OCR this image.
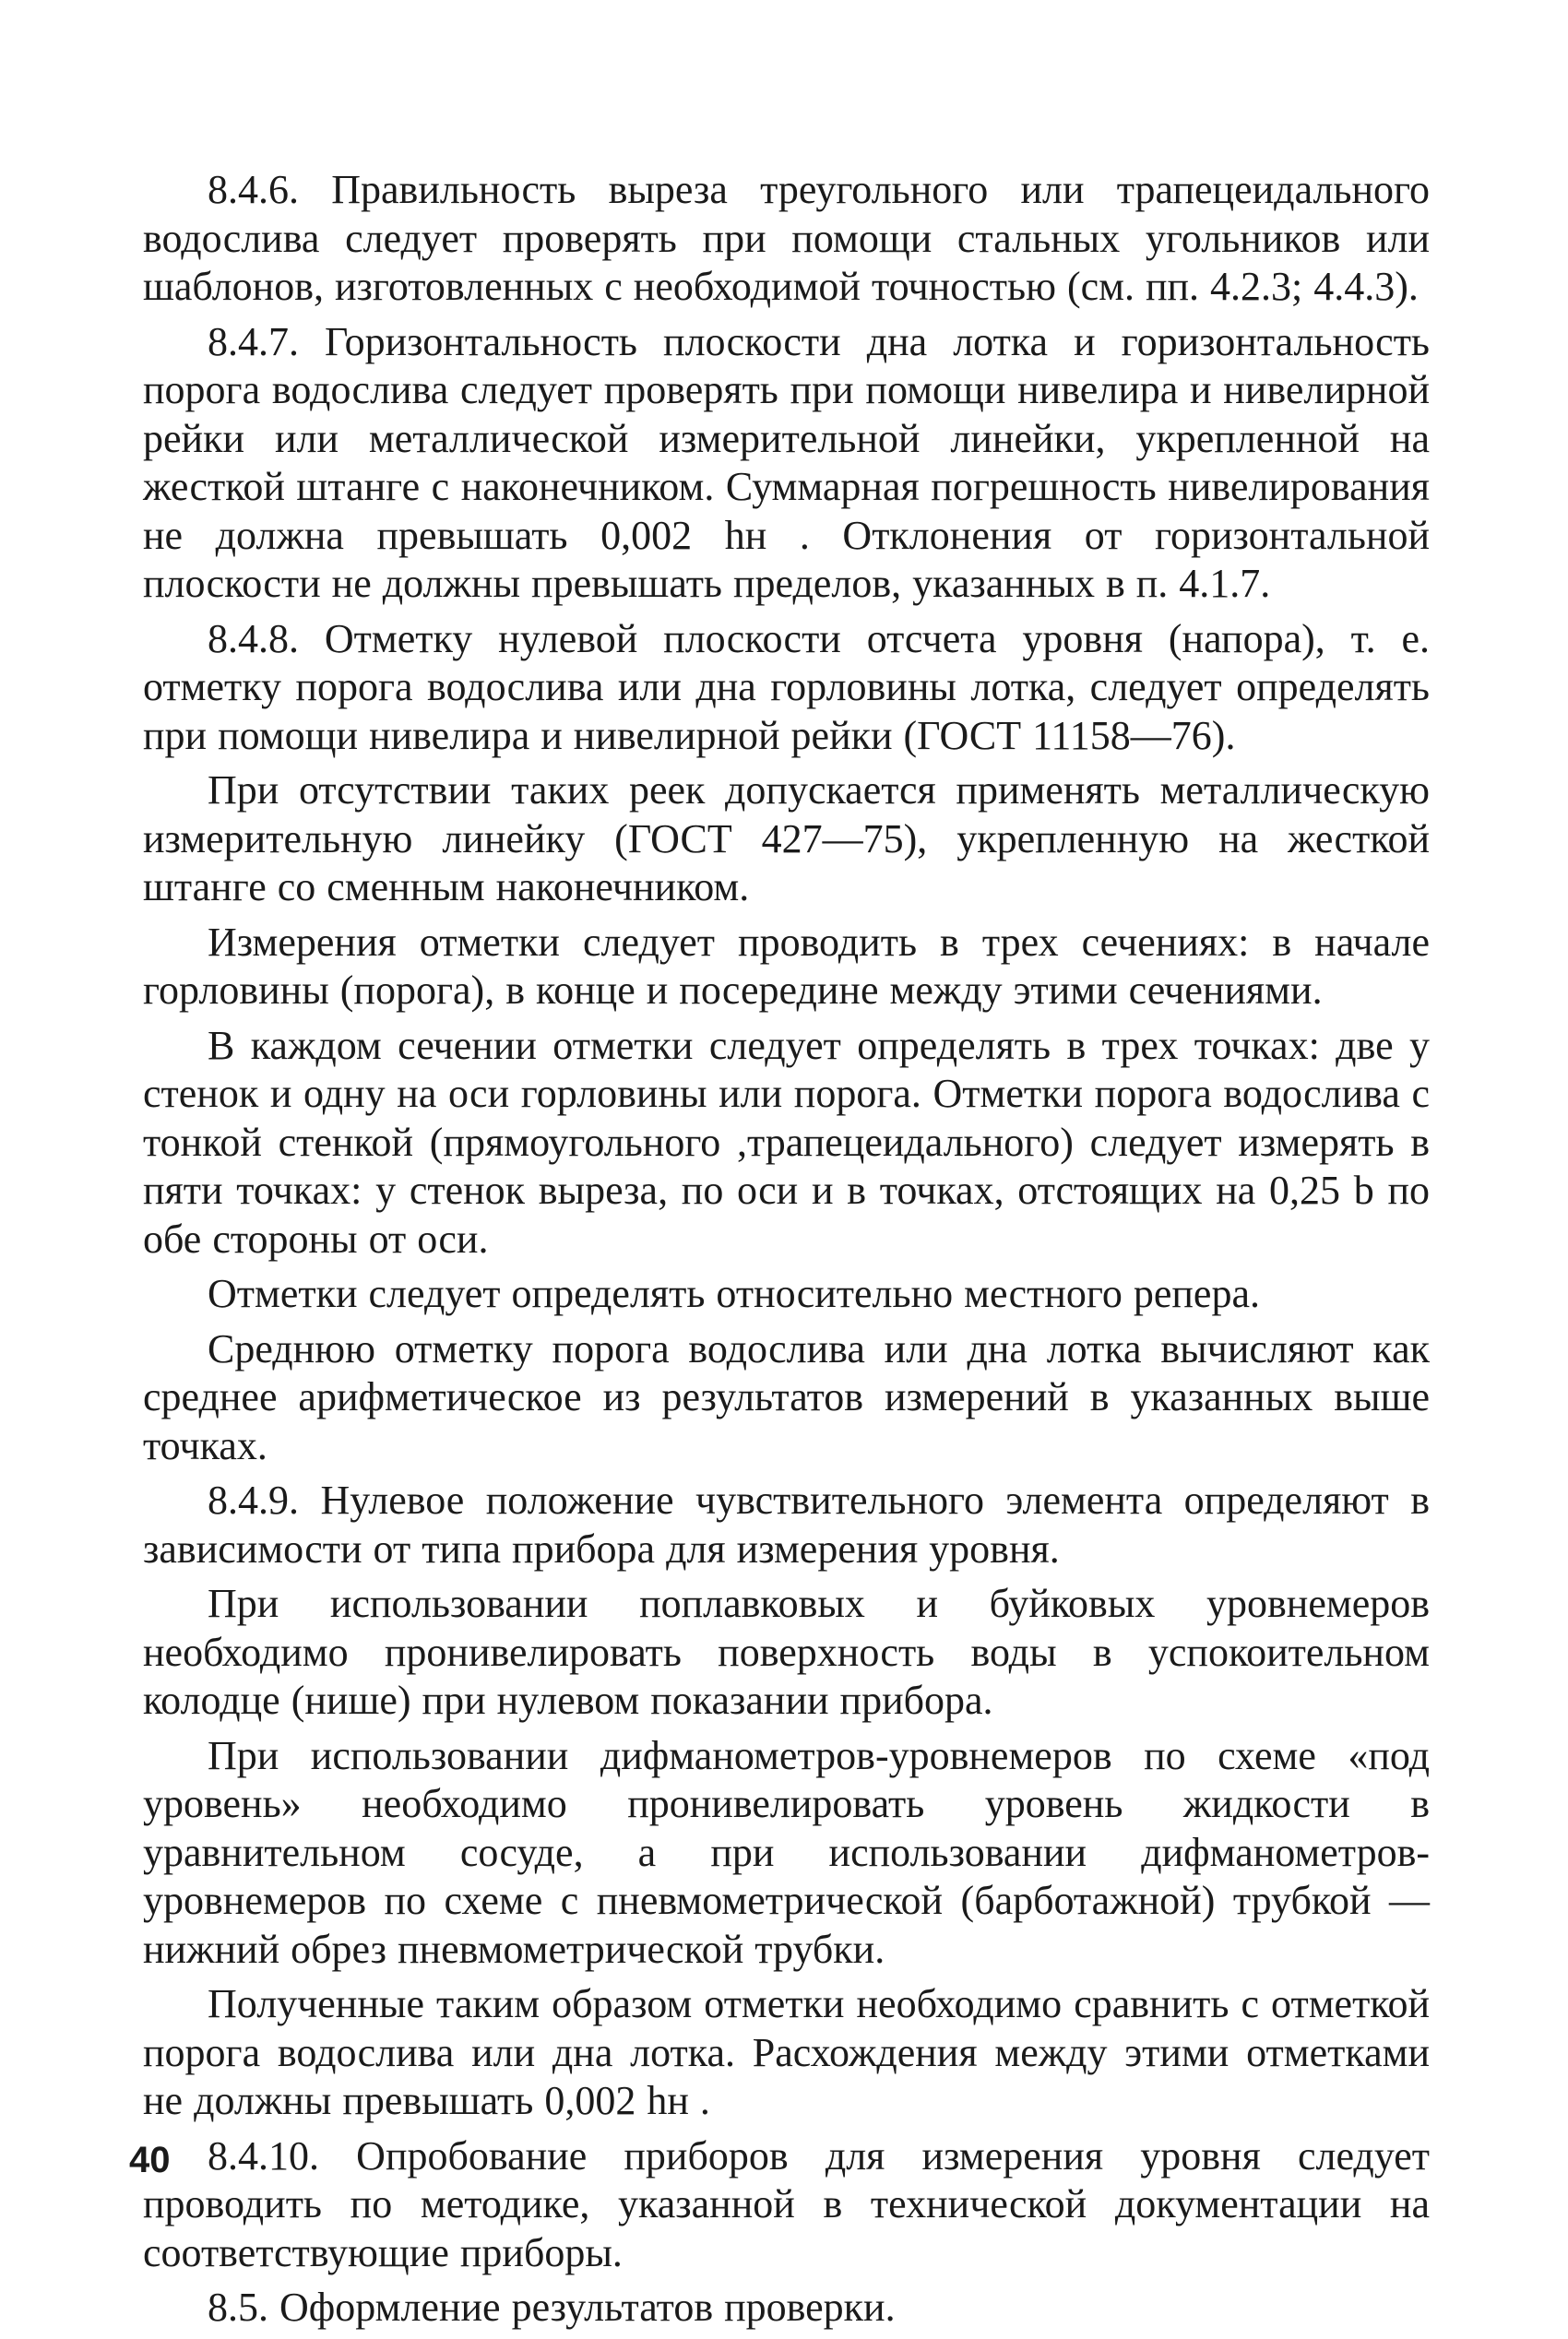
8.4.6. Правильность выреза треугольного или трапецеидального водослива следует проверять при помощи стальных угольников или шаблонов, изготовленных с необходимой точностью (см. пп. 4.2.3; 4.4.3).

8.4.7. Горизонтальность плоскости дна лотка и горизонтальность порога водослива следует проверять при помощи нивелира и нивелирной рейки или металлической измерительной линейки, укрепленной на жесткой штанге с наконечником. Суммарная погрешность нивелирования не должна превышать 0,002 hн . Отклонения от горизонтальной плоскости не должны превышать пределов, указанных в п. 4.1.7.

8.4.8. Отметку нулевой плоскости отсчета уровня (напора), т. е. отметку порога водослива или дна горловины лотка, следует определять при помощи нивелира и нивелирной рейки (ГОСТ 11158—76).

При отсутствии таких реек допускается применять металлическую измерительную линейку (ГОСТ 427—75), укрепленную на жесткой штанге со сменным наконечником.

Измерения отметки следует проводить в трех сечениях: в начале горловины (порога), в конце и посередине между этими сечениями.

В каждом сечении отметки следует определять в трех точках: две у стенок и одну на оси горловины или порога. Отметки порога водослива с тонкой стенкой (прямоугольного ,трапецеидального) следует измерять в пяти точках: у стенок выреза, по оси и в точках, отстоящих на 0,25 b по обе стороны от оси.

Отметки следует определять относительно местного репера.

Среднюю отметку порога водослива или дна лотка вычисляют как среднее арифметическое из результатов измерений в указанных выше точках.

8.4.9. Нулевое положение чувствительного элемента определяют в зависимости от типа прибора для измерения уровня.

При использовании поплавковых и буйковых уровнемеров необходимо пронивелировать поверхность воды в успокоительном колодце (нише) при нулевом показании прибора.

При использовании дифманометров-уровнемеров по схеме «под уровень» необходимо пронивелировать уровень жидкости в уравнительном сосуде, а при использовании дифманометров-уровнемеров по схеме с пневмометрической (барботажной) трубкой — нижний обрез пневмометрической трубки.

Полученные таким образом отметки необходимо сравнить с отметкой порога водослива или дна лотка. Расхождения между этими отметками не должны превышать 0,002 hн .

8.4.10. Опробование приборов для измерения уровня следует проводить по методике, указанной в технической документации на соответствующие приборы.

8.5. Оформление результатов проверки.

40
